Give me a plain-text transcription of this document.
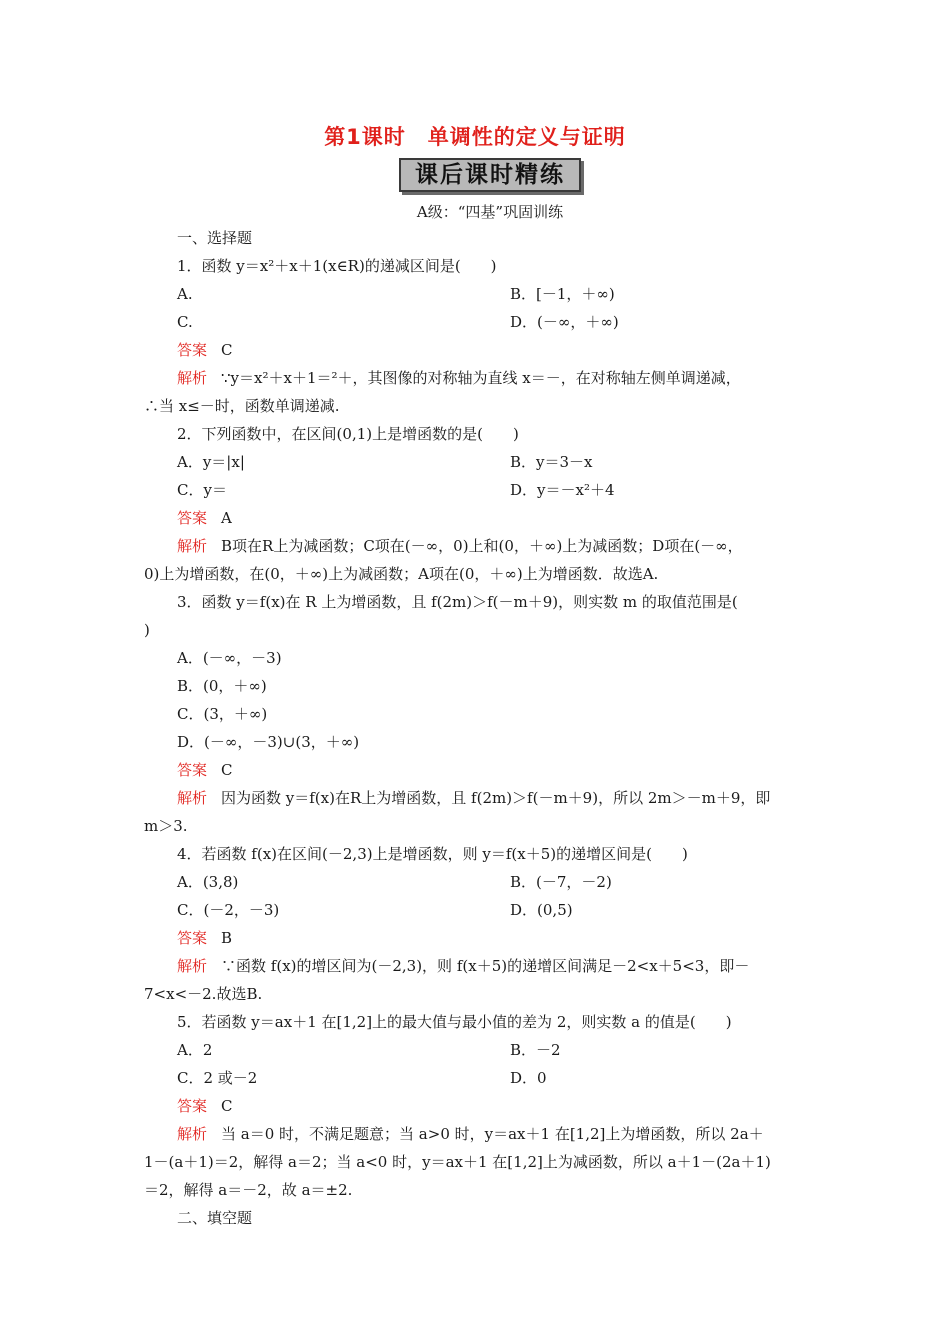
第1课时　单调性的定义与证明
课后课时精练
A级：“四基”巩固训练
一、选择题
1．函数 y＝x²＋x＋1(x∈R)的递减区间是(　　)
A.	B．[－1，＋∞)
C.	D．(－∞，＋∞)
答案 C
解析 ∵y＝x²＋x＋1＝²＋，其图像的对称轴为直线 x＝－，在对称轴左侧单调递减，
∴当 x≤－时，函数单调递减.
2．下列函数中，在区间(0,1)上是增函数的是(　　)
A．y＝|x|	B．y＝3－x
C．y＝	D．y＝－x²＋4
答案 A
解析 B项在R上为减函数；C项在(－∞，0)上和(0，＋∞)上为减函数；D项在(－∞，
0)上为增函数，在(0，＋∞)上为减函数；A项在(0，＋∞)上为增函数．故选A.
3．函数 y＝f(x)在 R 上为增函数，且 f(2m)＞f(－m＋9)，则实数 m 的取值范围是(
)
A．(－∞，－3)
B．(0，＋∞)
C．(3，＋∞)
D．(－∞，－3)∪(3，＋∞)
答案 C
解析 因为函数 y＝f(x)在R上为增函数，且 f(2m)＞f(－m＋9)，所以 2m＞－m＋9，即
m＞3.
4．若函数 f(x)在区间(－2,3)上是增函数，则 y＝f(x＋5)的递增区间是(　　)
A．(3,8)	B．(－7，－2)
C．(－2，－3)	D．(0,5)
答案 B
解析 ∵函数 f(x)的增区间为(－2,3)，则 f(x＋5)的递增区间满足－2<x＋5<3，即－
7<x<－2.故选B.
5．若函数 y＝ax＋1 在[1,2]上的最大值与最小值的差为 2，则实数 a 的值是(　　)
A．2	B．－2
C．2 或－2	D．0
答案 C
解析 当 a＝0 时，不满足题意；当 a>0 时，y＝ax＋1 在[1,2]上为增函数，所以 2a＋
1－(a＋1)＝2，解得 a＝2；当 a<0 时，y＝ax＋1 在[1,2]上为减函数，所以 a＋1－(2a＋1)
＝2，解得 a＝－2，故 a＝±2.
二、填空题
